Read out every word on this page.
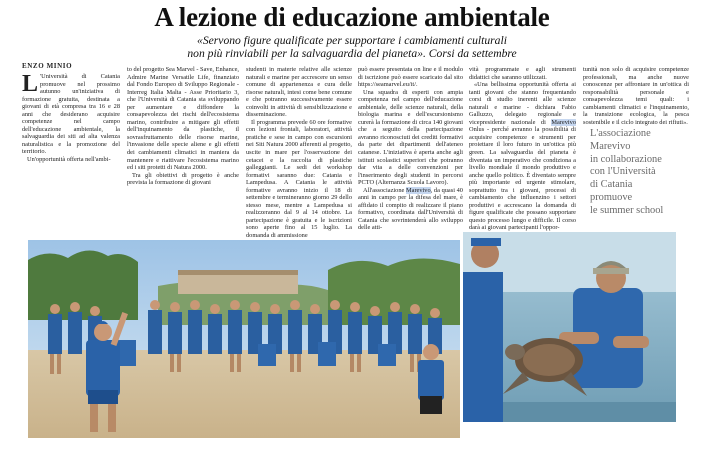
A lezione di educazione ambientale
«Servono figure qualificate per supportare i cambiamenti culturali
non più rinviabili per la salvaguardia del pianeta». Corsi da settembre
ENZO MINIO
L 'Università di Catania promuove nel prossimo autunno un'iniziativa di formazione gratuita, destinata a giovani di età compresa tra 16 e 28 anni che desiderano acquisire competenze nel campo dell'educazione ambientale, la salvaguardia dei siti ad alta valenza naturalistica e la promozione del territorio.

Un'opportunità offerta nell'ambi-

to del progetto Sea Marvel - Save, Enhance, Admire Marine Versatile Life, finanziato dal Fondo Europeo di Sviluppo Regionale - Interreg Italia Malta - Asse Prioritario 3, che l'Università di Catania sta sviluppando per aumentare e diffondere la consapevolezza dei rischi dell'ecosistema marino, contribuire a mitigare gli effetti dell'inquinamento da plastiche, il sovrasfruttamento delle risorse marine, l'invasione delle specie aliene e gli effetti dei cambiamenti climatici in maniera da mantenere e riattivare l'ecosistema marino ed i siti protetti di Natura 2000.

Tra gli obiettivi di progetto è anche prevista la formazione di giovani

studenti in materie relative alle scienze naturali e marine per accrescere un senso comune di appartenenza e cura delle risorse naturali, intesi come bene comune e che potranno successivamente essere coinvolti in attività di sensibilizzazione e disseminazione.

Il programma prevede 60 ore formative con lezioni frontali, laboratori, attività pratiche e sese in campo con escursioni nei Siti Natura 2000 afferenti al progetto, uscite in mare per l'osservazione dei cetacei e la raccolta di plastiche galleggianti. Le sedi dei workshop formativi saranno due: Catania e Lampedusa. A Catania le attività formative avranno inizio il 18 di settembre e termineranno giorno 29 dello stesso mese, mentre a Lampedusa si realizzeranno dal 9 al 14 ottobre. La partecipazione è gratuita e le iscrizioni sono aperte fino al 15 luglio. La domanda di ammissione

può essere presentata on line e il modulo di iscrizione può essere scaricato dal sito https://seamarvel.eu/it/.

Una squadra di esperti con ampia competenza nel campo dell'educazione ambientale, delle scienze naturali, della biologia marina e dell'escursionismo curerà la formazione di circa 140 giovani che a seguito della partecipazione avranno riconosciuti dei crediti formativi da parte dei dipartimenti dell'ateneo catanese. L'iniziativa è aperta anche agli istituti scolastici superiori che potranno dar vita a delle convenzioni per l'inserimento degli studenti in percorsi PCTO (Alternanza Scuola Lavoro).

All'associazione Marevivo, da quasi 40 anni in campo per la difesa del mare, è affidato il compito di realizzare il piano formativo, coordinata dall'Università di Catania che sovrintenderà allo sviluppo delle atti-

vità programmate e agli strumenti didattici che saranno utilizzati.

«Una bellissima opportunità offerta ai tanti giovani che stanno frequentando corsi di studio inerenti alle scienze naturali e marine - dichiara Fabio Galluzzo, delegato regionale e vicepresidente nazionale di Marevivo Onlus - perché avranno la possibilità di acquisire competenze e strumenti per proiettare il loro futuro in un'ottica più green. La salvaguardia del pianeta è diventata un imperativo che condiziona a livello mondiale il mondo produttivo e anche quello politico. È diventato sempre più importante ed urgente stimolare, soprattutto tra i giovani, processi di cambiamento che influenzino i settori produttivi e accrescano la domanda di figure qualificate che possano supportare questo processo lungo e difficile. Il corso darà ai giovani partecipanti l'oppor-

tunità non solo di acquisire competenze professionali, ma anche nuove conoscenze per affrontare in un'ottica di responsabilità personale e consapevolezza temi quali: i cambiamenti climatici e l'inquinamento, la transizione ecologica, la pesca sostenibile e il ciclo integrato dei rifiuti».

L'associazione
Marevivo
in collaborazione
con l'Università
di Catania
promuove
le summer school
